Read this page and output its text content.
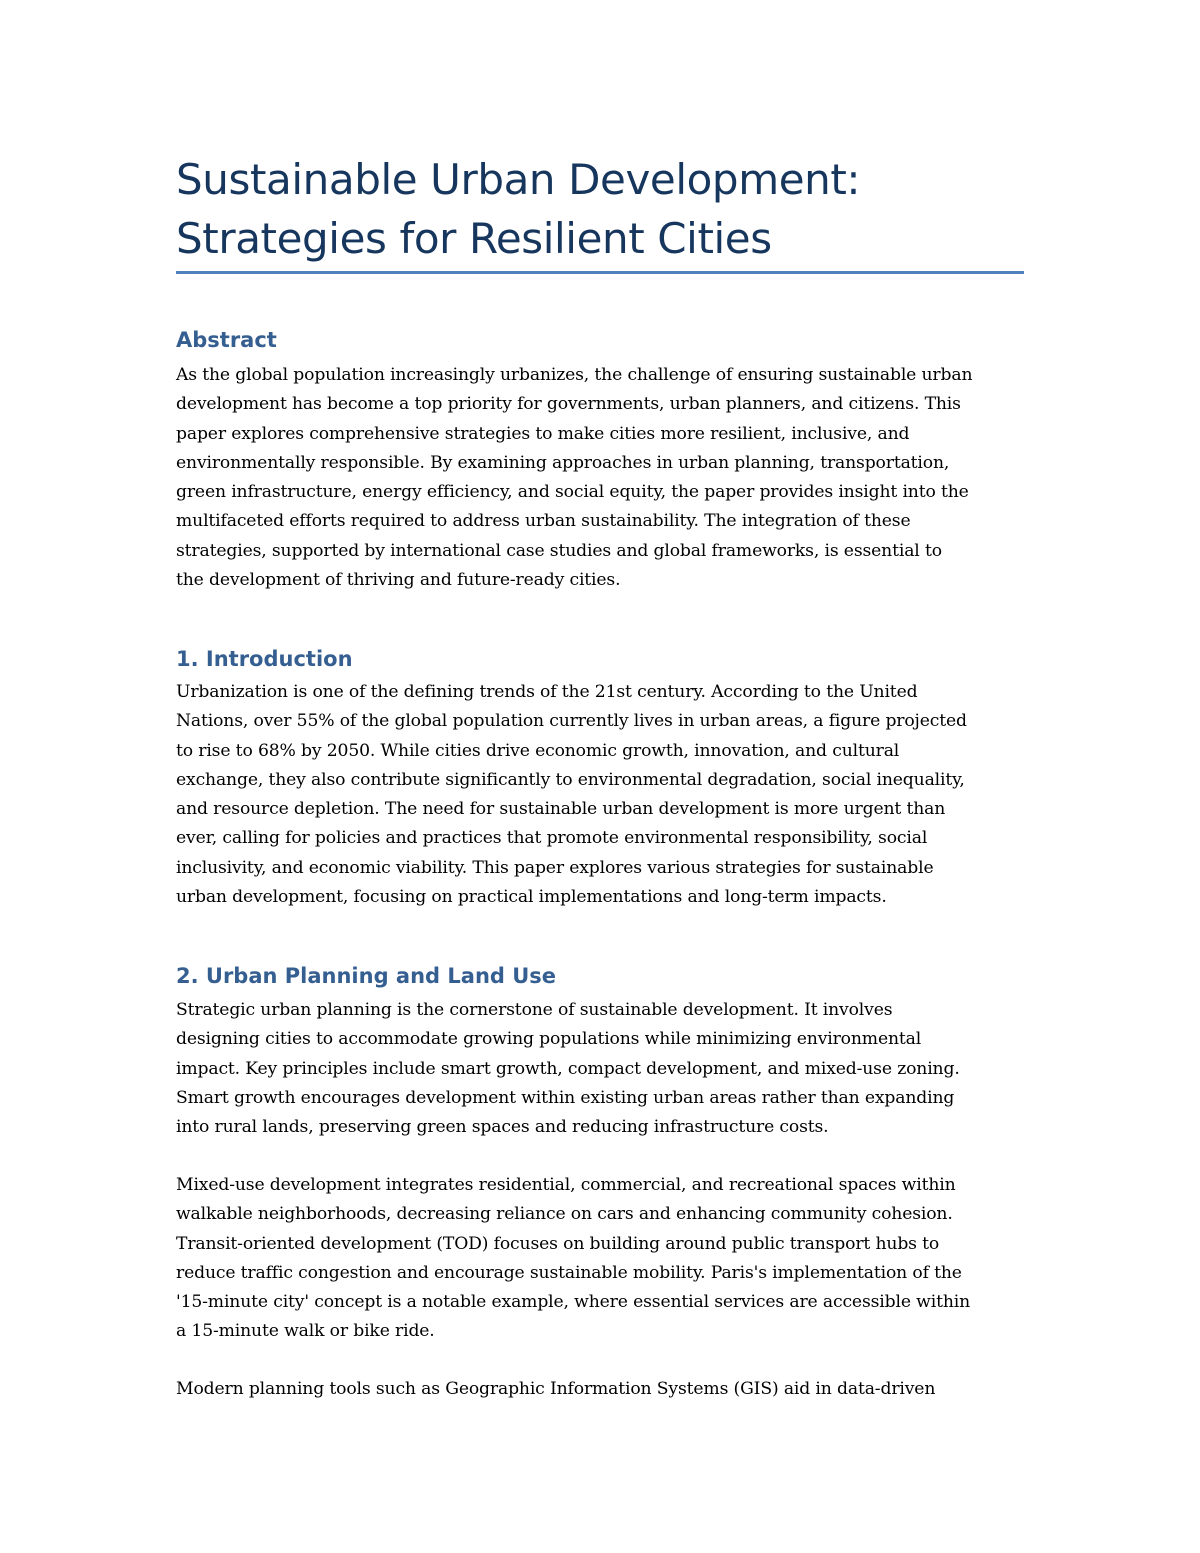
Sustainable Urban Development:
Strategies for Resilient Cities
Abstract
As the global population increasingly urbanizes, the challenge of ensuring sustainable urban
development has become a top priority for governments, urban planners, and citizens. This
paper explores comprehensive strategies to make cities more resilient, inclusive, and
environmentally responsible. By examining approaches in urban planning, transportation,
green infrastructure, energy efficiency, and social equity, the paper provides insight into the
multifaceted efforts required to address urban sustainability. The integration of these
strategies, supported by international case studies and global frameworks, is essential to
the development of thriving and future-ready cities.
1. Introduction
Urbanization is one of the defining trends of the 21st century. According to the United
Nations, over 55% of the global population currently lives in urban areas, a figure projected
to rise to 68% by 2050. While cities drive economic growth, innovation, and cultural
exchange, they also contribute significantly to environmental degradation, social inequality,
and resource depletion. The need for sustainable urban development is more urgent than
ever, calling for policies and practices that promote environmental responsibility, social
inclusivity, and economic viability. This paper explores various strategies for sustainable
urban development, focusing on practical implementations and long-term impacts.
2. Urban Planning and Land Use
Strategic urban planning is the cornerstone of sustainable development. It involves
designing cities to accommodate growing populations while minimizing environmental
impact. Key principles include smart growth, compact development, and mixed-use zoning.
Smart growth encourages development within existing urban areas rather than expanding
into rural lands, preserving green spaces and reducing infrastructure costs.
Mixed-use development integrates residential, commercial, and recreational spaces within
walkable neighborhoods, decreasing reliance on cars and enhancing community cohesion.
Transit-oriented development (TOD) focuses on building around public transport hubs to
reduce traffic congestion and encourage sustainable mobility. Paris's implementation of the
'15-minute city' concept is a notable example, where essential services are accessible within
a 15-minute walk or bike ride.
Modern planning tools such as Geographic Information Systems (GIS) aid in data-driven
